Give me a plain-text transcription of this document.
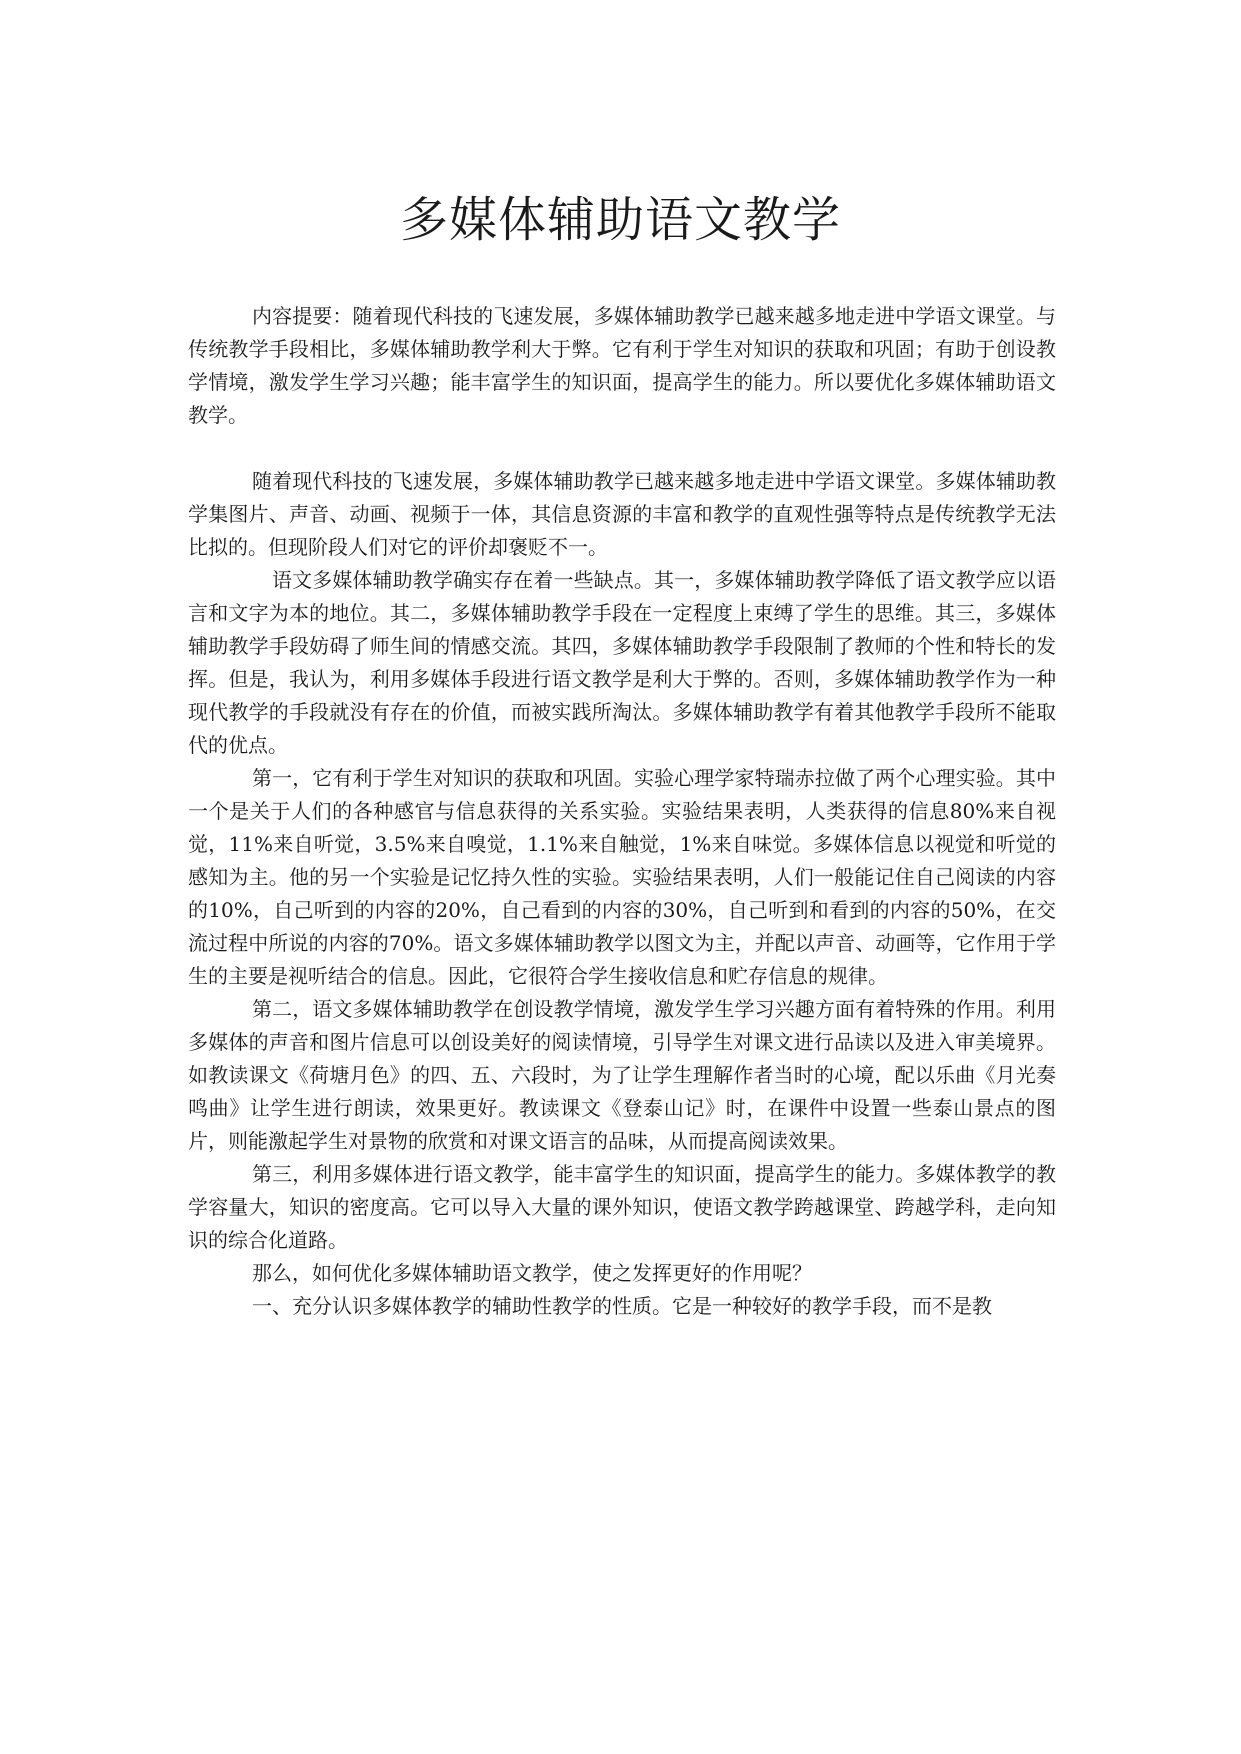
多媒体辅助语文教学

内容提要：随着现代科技的飞速发展，多媒体辅助教学已越来越多地走进中学语文课堂。与传统教学手段相比，多媒体辅助教学利大于弊。它有利于学生对知识的获取和巩固；有助于创设教学情境，激发学生学习兴趣；能丰富学生的知识面，提高学生的能力。所以要优化多媒体辅助语文教学。

随着现代科技的飞速发展，多媒体辅助教学已越来越多地走进中学语文课堂。多媒体辅助教学集图片、声音、动画、视频于一体，其信息资源的丰富和教学的直观性强等特点是传统教学无法比拟的。但现阶段人们对它的评价却褒贬不一。

语文多媒体辅助教学确实存在着一些缺点。其一，多媒体辅助教学降低了语文教学应以语言和文字为本的地位。其二，多媒体辅助教学手段在一定程度上束缚了学生的思维。其三，多媒体辅助教学手段妨碍了师生间的情感交流。其四，多媒体辅助教学手段限制了教师的个性和特长的发挥。但是，我认为，利用多媒体手段进行语文教学是利大于弊的。否则，多媒体辅助教学作为一种现代教学的手段就没有存在的价值，而被实践所淘汰。多媒体辅助教学有着其他教学手段所不能取代的优点。

第一，它有利于学生对知识的获取和巩固。实验心理学家特瑞赤拉做了两个心理实验。其中一个是关于人们的各种感官与信息获得的关系实验。实验结果表明，人类获得的信息80%来自视觉，11%来自听觉，3.5%来自嗅觉，1.1%来自触觉，1%来自味觉。多媒体信息以视觉和听觉的感知为主。他的另一个实验是记忆持久性的实验。实验结果表明，人们一般能记住自己阅读的内容的10%，自己听到的内容的20%，自己看到的内容的30%，自己听到和看到的内容的50%，在交流过程中所说的内容的70%。语文多媒体辅助教学以图文为主，并配以声音、动画等，它作用于学生的主要是视听结合的信息。因此，它很符合学生接收信息和贮存信息的规律。

第二，语文多媒体辅助教学在创设教学情境，激发学生学习兴趣方面有着特殊的作用。利用多媒体的声音和图片信息可以创设美好的阅读情境，引导学生对课文进行品读以及进入审美境界。如教读课文《荷塘月色》的四、五、六段时，为了让学生理解作者当时的心境，配以乐曲《月光奏鸣曲》让学生进行朗读，效果更好。教读课文《登泰山记》时，在课件中设置一些泰山景点的图片，则能激起学生对景物的欣赏和对课文语言的品味，从而提高阅读效果。

第三，利用多媒体进行语文教学，能丰富学生的知识面，提高学生的能力。多媒体教学的教学容量大，知识的密度高。它可以导入大量的课外知识，使语文教学跨越课堂、跨越学科，走向知识的综合化道路。

那么，如何优化多媒体辅助语文教学，使之发挥更好的作用呢？

一、充分认识多媒体教学的辅助性教学的性质。它是一种较好的教学手段，而不是教
